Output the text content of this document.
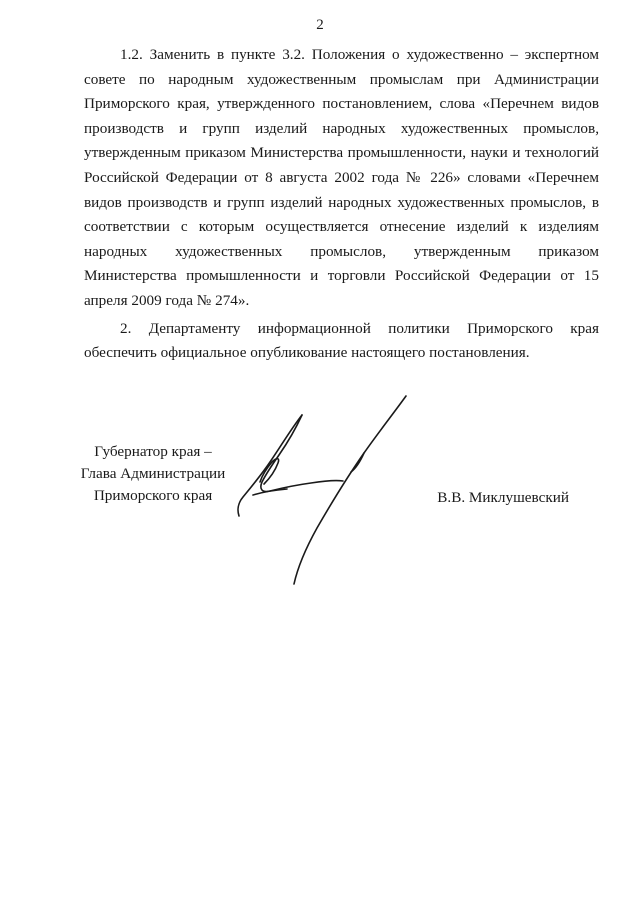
2

1.2. Заменить в пункте 3.2. Положения о художественно – экспертном совете по народным художественным промыслам при Администрации Приморского края, утвержденного постановлением, слова «Перечнем видов производств и групп изделий народных художественных промыслов, утвержденным приказом Министерства промышленности, науки и технологий Российской Федерации от 8 августа 2002 года № 226» словами «Перечнем видов производств и групп изделий народных художественных промыслов, в соответствии с которым осуществляется отнесение изделий к изделиям народных художественных промыслов, утвержденным приказом Министерства промышленности и торговли Российской Федерации от 15 апреля 2009 года № 274».

2. Департаменту информационной политики Приморского края обеспечить официальное опубликование настоящего постановления.

Губернатор края –
Глава Администрации
Приморского края	В.В. Миклушевский
